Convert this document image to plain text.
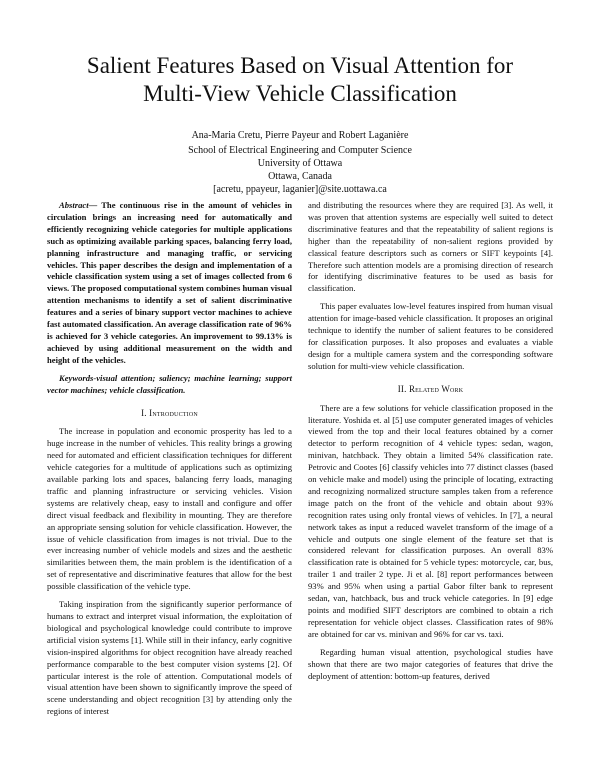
Salient Features Based on Visual Attention for
Multi-View Vehicle Classification
Ana-Maria Cretu, Pierre Payeur and Robert Laganière
School of Electrical Engineering and Computer Science
University of Ottawa
Ottawa, Canada
[acretu, ppayeur, laganier]@site.uottawa.ca

Abstract— The continuous rise in the amount of vehicles in circulation brings an increasing need for automatically and efficiently recognizing vehicle categories for multiple applications such as optimizing available parking spaces, balancing ferry load, planning infrastructure and managing traffic, or servicing vehicles. This paper describes the design and implementation of a vehicle classification system using a set of images collected from 6 views. The proposed computational system combines human visual attention mechanisms to identify a set of salient discriminative features and a series of binary support vector machines to achieve fast automated classification. An average classification rate of 96% is achieved for 3 vehicle categories. An improvement to 99.13% is achieved by using additional measurement on the width and height of the vehicles.

Keywords-visual attention; saliency; machine learning; support vector machines; vehicle classification.

I. Introduction

The increase in population and economic prosperity has led to a huge increase in the number of vehicles. This reality brings a growing need for automated and efficient classification techniques for different vehicle categories for a multitude of applications such as optimizing available parking lots and spaces, balancing ferry loads, managing traffic and planning infrastructure or servicing vehicles. Vision systems are relatively cheap, easy to install and configure and offer direct visual feedback and flexibility in mounting. They are therefore an appropriate sensing solution for vehicle classification. However, the issue of vehicle classification from images is not trivial. Due to the ever increasing number of vehicle models and sizes and the aesthetic similarities between them, the main problem is the identification of a set of representative and discriminative features that allow for the best possible classification of the vehicle type.

Taking inspiration from the significantly superior performance of humans to extract and interpret visual information, the exploitation of biological and psychological knowledge could contribute to improve artificial vision systems [1]. While still in their infancy, early cognitive vision-inspired algorithms for object recognition have already reached performance comparable to the best computer vision systems [2]. Of particular interest is the role of attention. Computational models of visual attention have been shown to significantly improve the speed of scene understanding and object recognition [3] by attending only the regions of interest

and distributing the resources where they are required [3]. As well, it was proven that attention systems are especially well suited to detect discriminative features and that the repeatability of salient regions is higher than the repeatability of non-salient regions provided by classical feature descriptors such as corners or SIFT keypoints [4]. Therefore such attention models are a promising direction of research for identifying discriminative features to be used as basis for classification.

This paper evaluates low-level features inspired from human visual attention for image-based vehicle classification. It proposes an original technique to identify the number of salient features to be considered for classification purposes. It also proposes and evaluates a viable design for a multiple camera system and the corresponding software solution for multi-view vehicle classification.

II. Related Work

There are a few solutions for vehicle classification proposed in the literature. Yoshida et. al [5] use computer generated images of vehicles viewed from the top and their local features obtained by a corner detector to perform recognition of 4 vehicle types: sedan, wagon, minivan, hatchback. They obtain a limited 54% classification rate. Petrovic and Cootes [6] classify vehicles into 77 distinct classes (based on vehicle make and model) using the principle of locating, extracting and recognizing normalized structure samples taken from a reference image patch on the front of the vehicle and obtain about 93% recognition rates using only frontal views of vehicles. In [7], a neural network takes as input a reduced wavelet transform of the image of a vehicle and outputs one single element of the feature set that is considered relevant for classification purposes. An overall 83% classification rate is obtained for 5 vehicle types: motorcycle, car, bus, trailer 1 and trailer 2 type. Ji et al. [8] report performances between 93% and 95% when using a partial Gabor filter bank to represent sedan, van, hatchback, bus and truck vehicle categories. In [9] edge points and modified SIFT descriptors are combined to obtain a rich representation for vehicle object classes. Classification rates of 98% are obtained for car vs. minivan and 96% for car vs. taxi.

Regarding human visual attention, psychological studies have shown that there are two major categories of features that drive the deployment of attention: bottom-up features, derived
